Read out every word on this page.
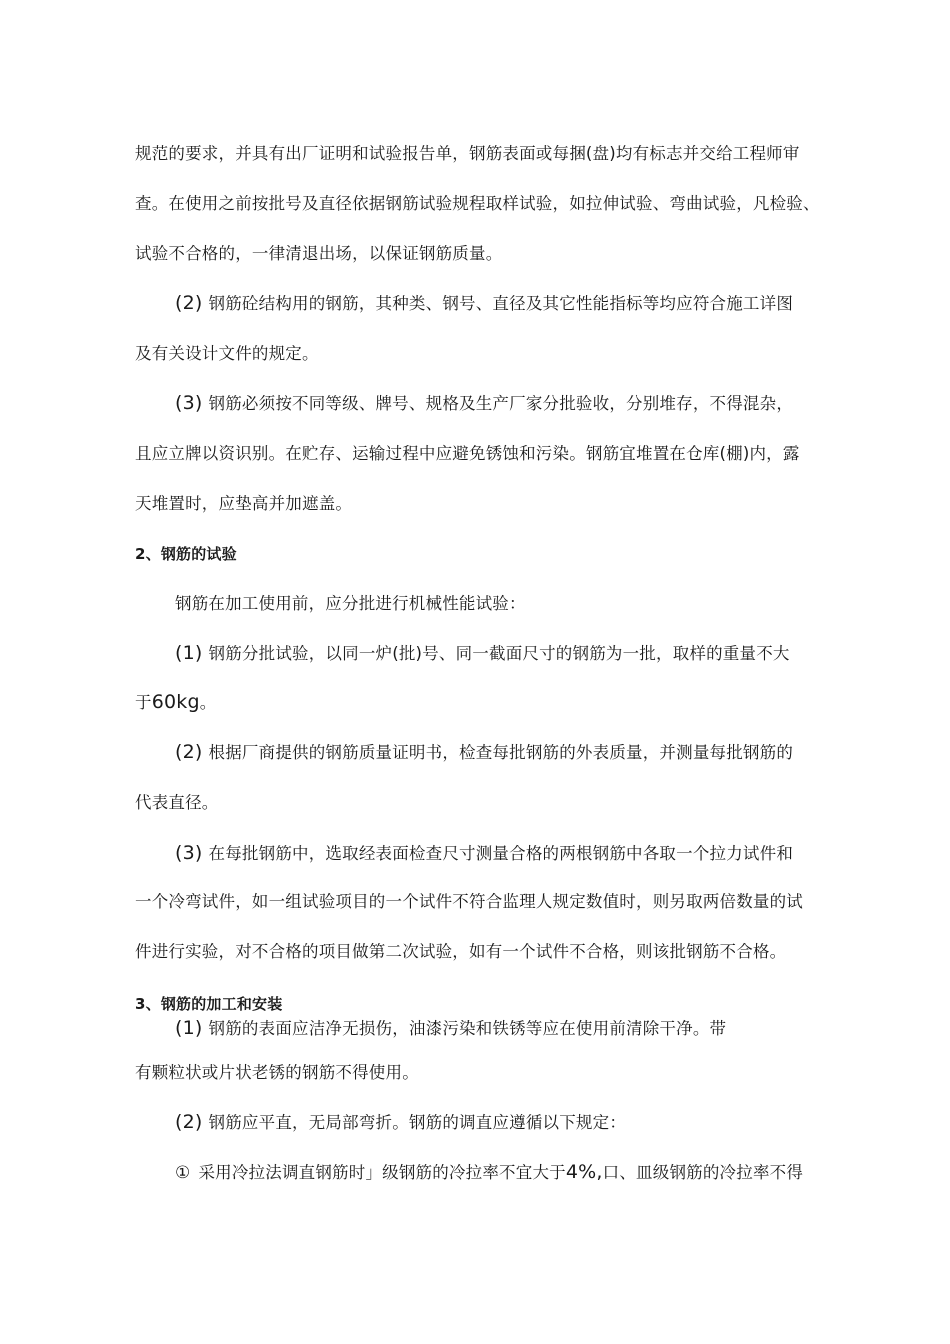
规范的要求，并具有出厂证明和试验报告单，钢筋表面或每捆(盘)均有标志并交给工程师审
查。在使用之前按批号及直径依据钢筋试验规程取样试验，如拉伸试验、弯曲试验，凡检验、
试验不合格的，一律清退出场，以保证钢筋质量。
(2) 钢筋砼结构用的钢筋，其种类、钢号、直径及其它性能指标等均应符合施工详图
及有关设计文件的规定。
(3) 钢筋必须按不同等级、牌号、规格及生产厂家分批验收，分别堆存，不得混杂，
且应立牌以资识别。在贮存、运输过程中应避免锈蚀和污染。钢筋宜堆置在仓库(棚)内，露
天堆置时，应垫高并加遮盖。
2、钢筋的试验
钢筋在加工使用前，应分批进行机械性能试验：
(1) 钢筋分批试验，以同一炉(批)号、同一截面尺寸的钢筋为一批，取样的重量不大
于60kg。
(2) 根据厂商提供的钢筋质量证明书，检查每批钢筋的外表质量，并测量每批钢筋的
代表直径。
(3) 在每批钢筋中，选取经表面检查尺寸测量合格的两根钢筋中各取一个拉力试件和
一个冷弯试件，如一组试验项目的一个试件不符合监理人规定数值时，则另取两倍数量的试
件进行实验，对不合格的项目做第二次试验，如有一个试件不合格，则该批钢筋不合格。
3、钢筋的加工和安装
(1) 钢筋的表面应洁净无损伤，油漆污染和铁锈等应在使用前清除干净。带
有颗粒状或片状老锈的钢筋不得使用。
(2) 钢筋应平直，无局部弯折。钢筋的调直应遵循以下规定：
① 采用冷拉法调直钢筋时」级钢筋的冷拉率不宜大于4%,口、皿级钢筋的冷拉率不得
